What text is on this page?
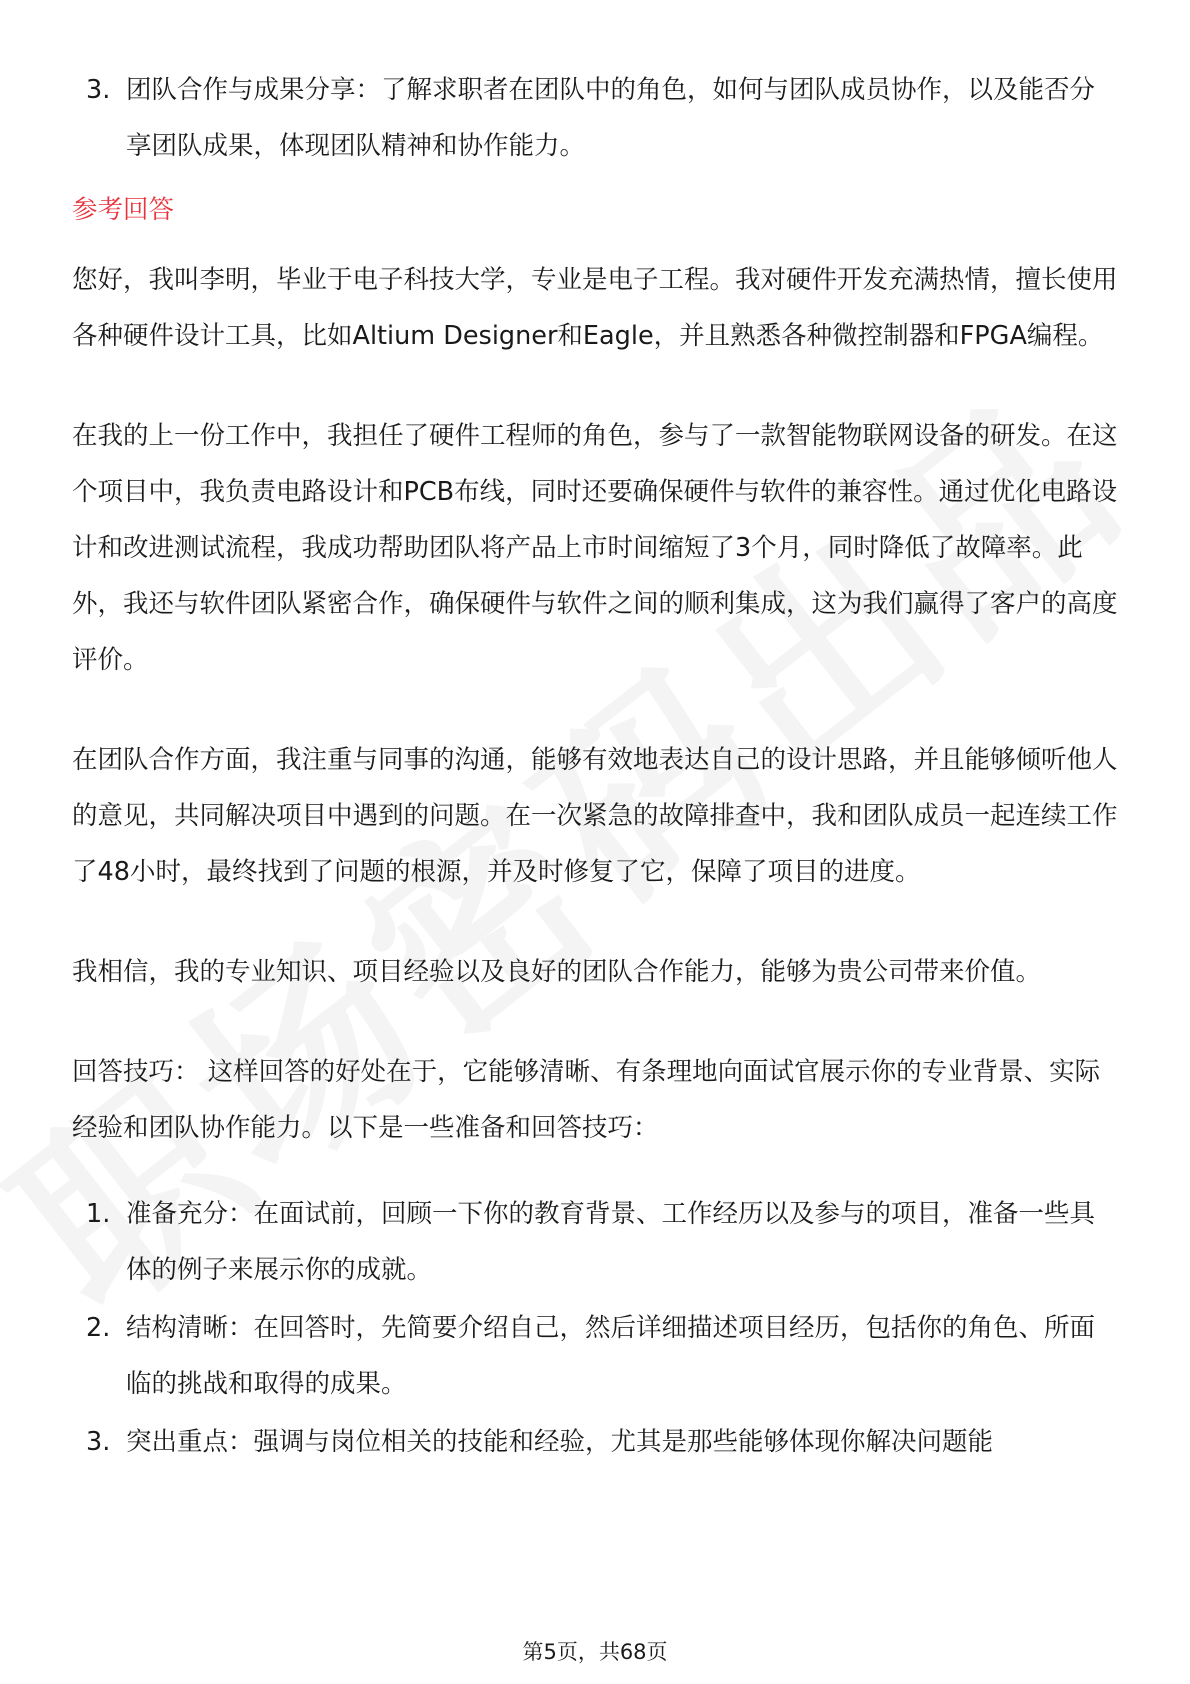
3. 团队合作与成果分享：了解求职者在团队中的角色，如何与团队成员协作，以及能否分享团队成果，体现团队精神和协作能力。
参考回答

您好，我叫李明，毕业于电子科技大学，专业是电子工程。我对硬件开发充满热情，擅长使用各种硬件设计工具，比如Altium Designer和Eagle，并且熟悉各种微控制器和FPGA编程。

在我的上一份工作中，我担任了硬件工程师的角色，参与了一款智能物联网设备的研发。在这个项目中，我负责电路设计和PCB布线，同时还要确保硬件与软件的兼容性。通过优化电路设计和改进测试流程，我成功帮助团队将产品上市时间缩短了3个月，同时降低了故障率。此外，我还与软件团队紧密合作，确保硬件与软件之间的顺利集成，这为我们赢得了客户的高度评价。

在团队合作方面，我注重与同事的沟通，能够有效地表达自己的设计思路，并且能够倾听他人的意见，共同解决项目中遇到的问题。在一次紧急的故障排查中，我和团队成员一起连续工作了48小时，最终找到了问题的根源，并及时修复了它，保障了项目的进度。

我相信，我的专业知识、项目经验以及良好的团队合作能力，能够为贵公司带来价值。

回答技巧： 这样回答的好处在于，它能够清晰、有条理地向面试官展示你的专业背景、实际经验和团队协作能力。以下是一些准备和回答技巧：

1. 准备充分：在面试前，回顾一下你的教育背景、工作经历以及参与的项目，准备一些具体的例子来展示你的成就。
2. 结构清晰：在回答时，先简要介绍自己，然后详细描述项目经历，包括你的角色、所面临的挑战和取得的成果。
3. 突出重点：强调与岗位相关的技能和经验，尤其是那些能够体现你解决问题能
第5页，共68页
